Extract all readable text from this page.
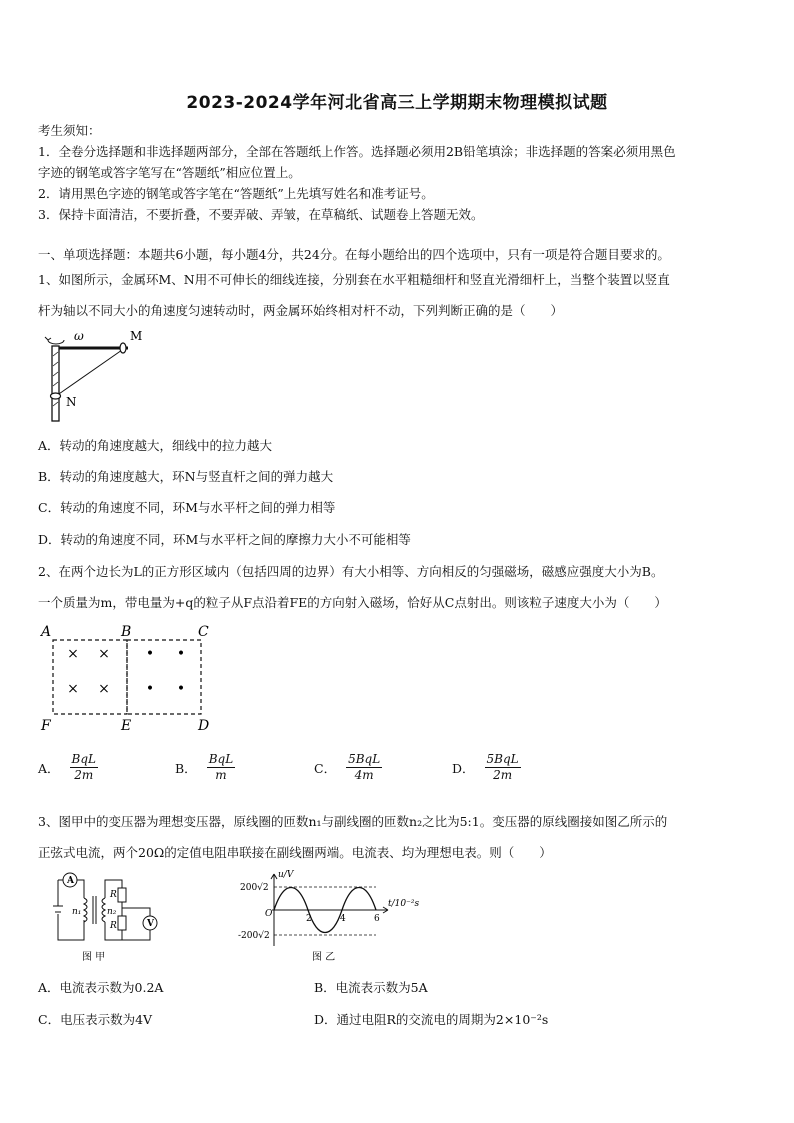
2023-2024学年河北省高三上学期期末物理模拟试题
考生须知：
1．全卷分选择题和非选择题两部分，全部在答题纸上作答。选择题必须用2B铅笔填涂；非选择题的答案必须用黑色
字迹的钢笔或答字笔写在“答题纸”相应位置上。
2．请用黑色字迹的钢笔或答字笔在“答题纸”上先填写姓名和准考证号。
3．保持卡面清洁，不要折叠，不要弄破、弄皱，在草稿纸、试题卷上答题无效。
一、单项选择题：本题共6小题，每小题4分，共24分。在每小题给出的四个选项中，只有一项是符合题目要求的。
1、如图所示，金属环M、N用不可伸长的细线连接，分别套在水平粗糙细杆和竖直光滑细杆上，当整个装置以竖直
杆为轴以不同大小的角速度匀速转动时，两金属环始终相对杆不动，下列判断正确的是（　　）
ω	M
N
A．转动的角速度越大，细线中的拉力越大
B．转动的角速度越大，环N与竖直杆之间的弹力越大
C．转动的角速度不同，环M与水平杆之间的弹力相等
D．转动的角速度不同，环M与水平杆之间的摩擦力大小不可能相等
2、在两个边长为L的正方形区域内（包括四周的边界）有大小相等、方向相反的匀强磁场，磁感应强度大小为B。
一个质量为m，带电量为+q的粒子从F点沿着FE的方向射入磁场，恰好从C点射出。则该粒子速度大小为（　　）
× ×
× ×
• •
• •
A	B	C
D
E
F
A． $\frac{\text{BqL}}{2m}$	B． $\frac{\text{BqL}}{m}$	C． $\frac{\text{5BqL}}{4m}$	D． $\frac{\text{5BqL}}{2m}$
3、图甲中的变压器为理想变压器，原线圈的匝数n₁与副线圈的匝数n₂之比为5:1。变压器的原线圈接如图乙所示的
正弦式电流，两个20Ω的定值电阻串联接在副线圈两端。电流表、均为理想电表。则（　　）
A
V
n₁	n₂
R
R
图 甲
u/V
t/10⁻²s
200√2
-200√2
O	2	4	6
图 乙
A．电流表示数为0.2A	B．电流表示数为5A
C．电压表示数为4V	D．通过电阻R的交流电的周期为2×10⁻²s
